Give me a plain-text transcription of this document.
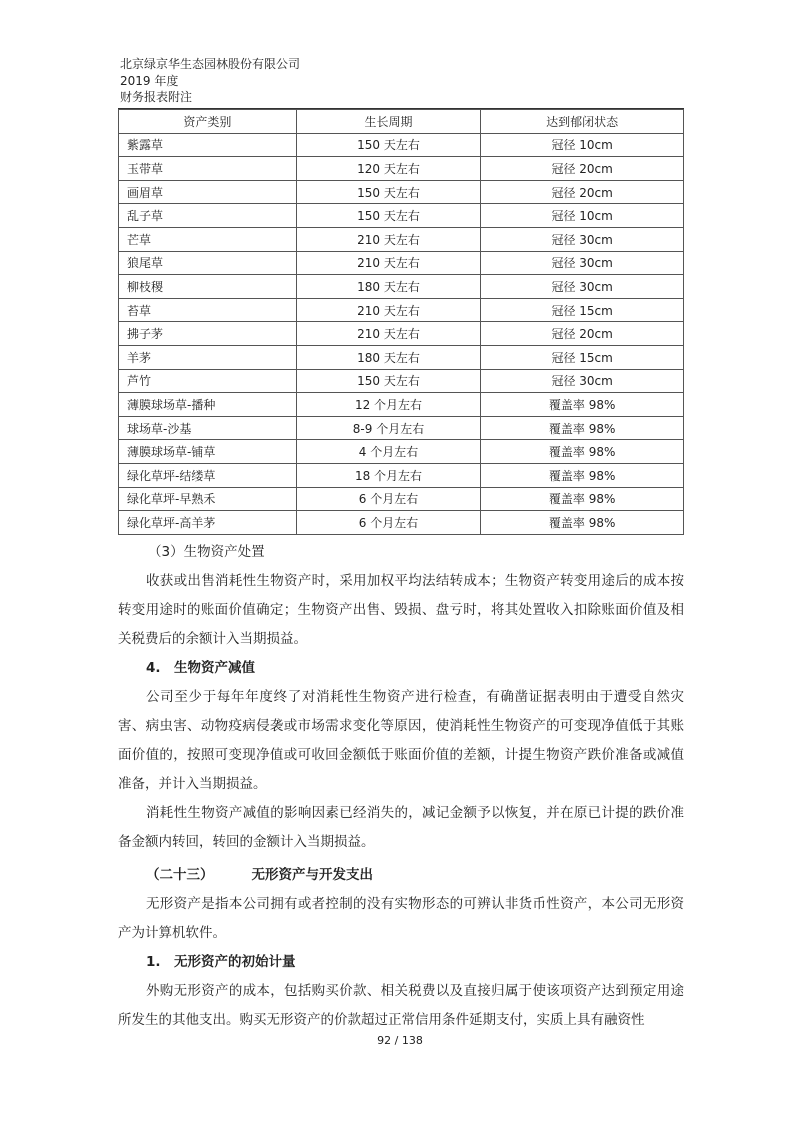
北京绿京华生态园林股份有限公司
2019 年度
财务报表附注
资产类别	生长周期	达到郁闭状态
紫露草	150 天左右	冠径 10cm
玉带草	120 天左右	冠径 20cm
画眉草	150 天左右	冠径 20cm
乱子草	150 天左右	冠径 10cm
芒草	210 天左右	冠径 30cm
狼尾草	210 天左右	冠径 30cm
柳枝稷	180 天左右	冠径 30cm
苔草	210 天左右	冠径 15cm
拂子茅	210 天左右	冠径 20cm
羊茅	180 天左右	冠径 15cm
芦竹	150 天左右	冠径 30cm
薄膜球场草-播种	12 个月左右	覆盖率 98%
球场草-沙基	8-9 个月左右	覆盖率 98%
薄膜球场草-铺草	4 个月左右	覆盖率 98%
绿化草坪-结缕草	18 个月左右	覆盖率 98%
绿化草坪-早熟禾	6 个月左右	覆盖率 98%
绿化草坪-高羊茅	6 个月左右	覆盖率 98%

（3）生物资产处置

收获或出售消耗性生物资产时，采用加权平均法结转成本；生物资产转变用途后的成本按转变用途时的账面价值确定；生物资产出售、毁损、盘亏时，将其处置收入扣除账面价值及相关税费后的余额计入当期损益。

4.　生物资产减值

公司至少于每年年度终了对消耗性生物资产进行检查，有确凿证据表明由于遭受自然灾害、病虫害、动物疫病侵袭或市场需求变化等原因，使消耗性生物资产的可变现净值低于其账面价值的，按照可变现净值或可收回金额低于账面价值的差额，计提生物资产跌价准备或减值准备，并计入当期损益。

消耗性生物资产减值的影响因素已经消失的，减记金额予以恢复，并在原已计提的跌价准备金额内转回，转回的金额计入当期损益。

（二十三）	无形资产与开发支出

无形资产是指本公司拥有或者控制的没有实物形态的可辨认非货币性资产，本公司无形资产为计算机软件。

1.　无形资产的初始计量

外购无形资产的成本，包括购买价款、相关税费以及直接归属于使该项资产达到预定用途所发生的其他支出。购买无形资产的价款超过正常信用条件延期支付，实质上具有融资性

92 / 138
